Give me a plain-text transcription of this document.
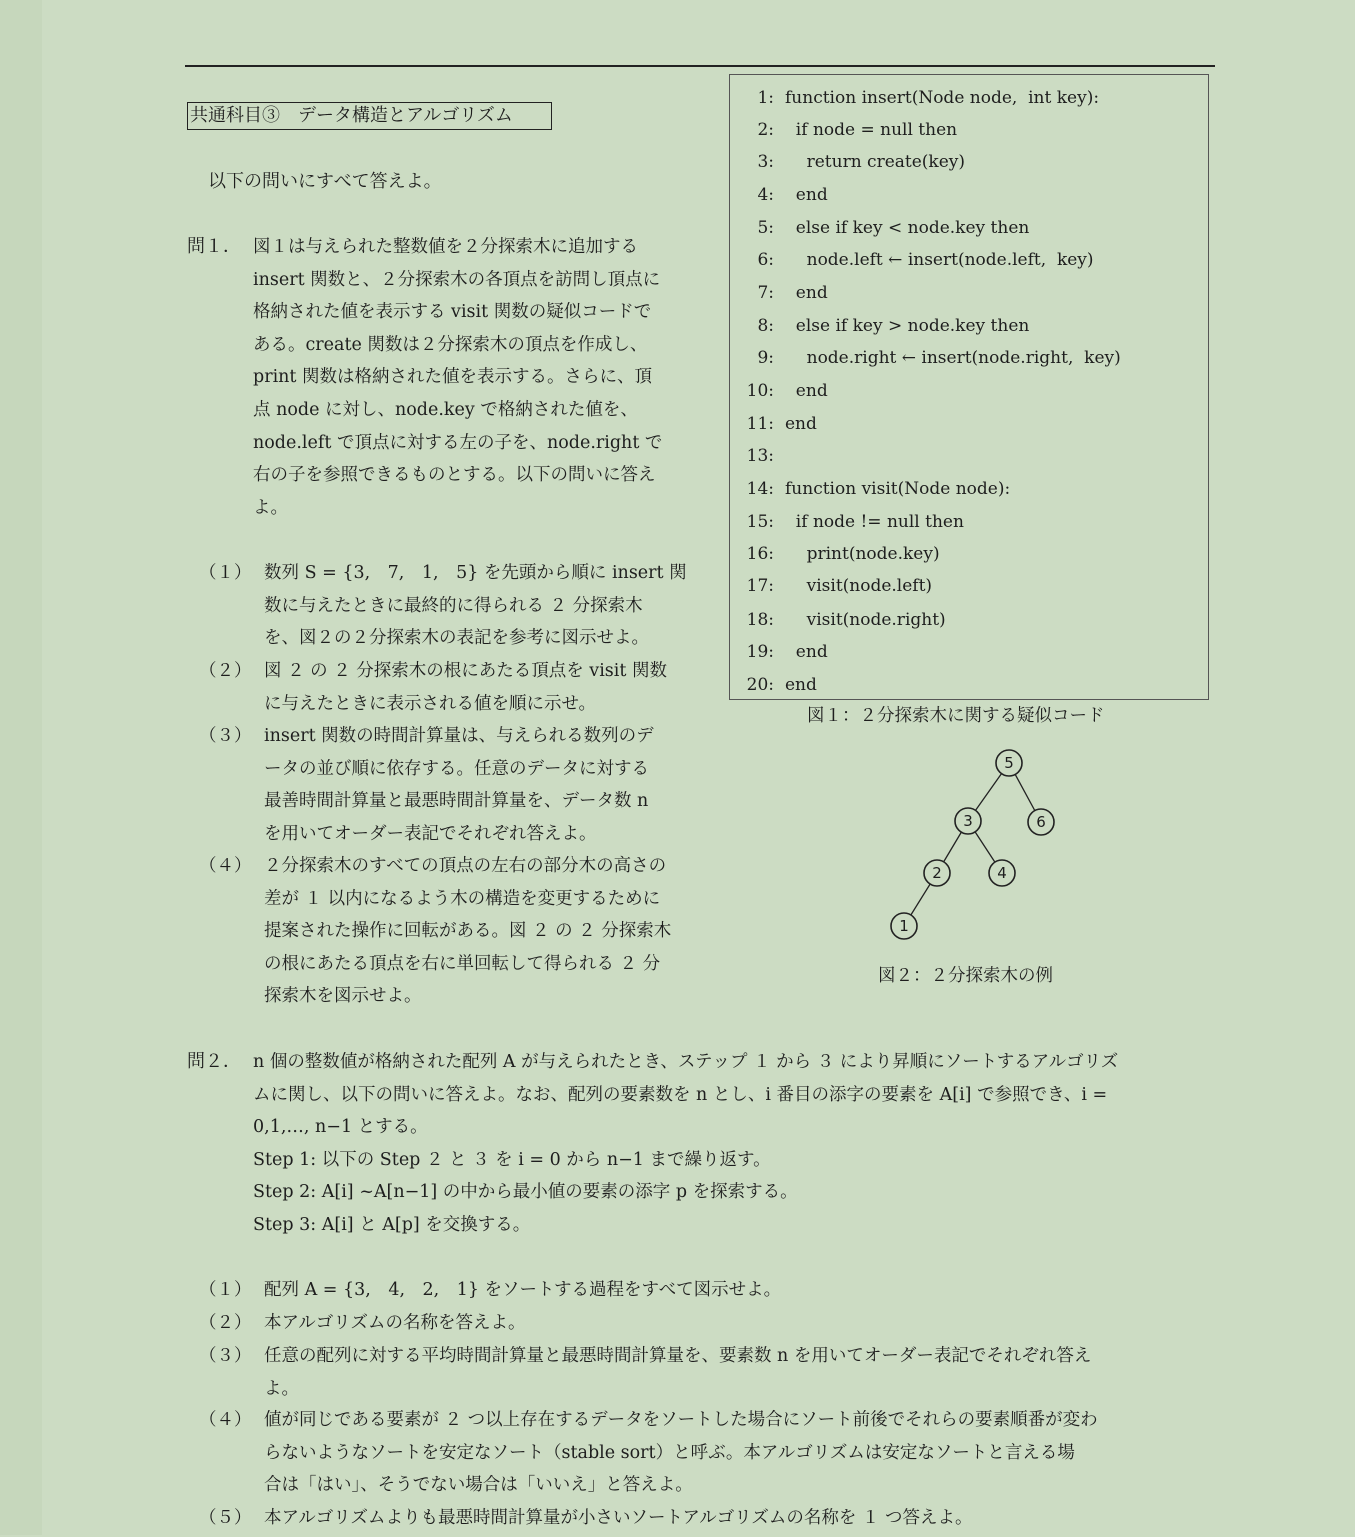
共通科目③　データ構造とアルゴリズム
以下の問いにすべて答えよ。
問１． 図１は与えられた整数値を２分探索木に追加する
insert 関数と、２分探索木の各頂点を訪問し頂点に
格納された値を表示する visit 関数の疑似コードで
ある。create 関数は２分探索木の頂点を作成し、
print 関数は格納された値を表示する。さらに、頂
点 node に対し、node.key で格納された値を、
node.left で頂点に対する左の子を、node.right で
右の子を参照できるものとする。以下の問いに答え
よ。
（１） 数列 S = {3,　7,　1,　5} を先頭から順に insert 関
数に与えたときに最終的に得られる ２ 分探索木
を、図２の２分探索木の表記を参考に図示せよ。
（２） 図 ２ の ２ 分探索木の根にあたる頂点を visit 関数
に与えたときに表示される値を順に示せ。
（３） insert 関数の時間計算量は、与えられる数列のデ
ータの並び順に依存する。任意のデータに対する
最善時間計算量と最悪時間計算量を、データ数 n
を用いてオーダー表記でそれぞれ答えよ。
（４） ２分探索木のすべての頂点の左右の部分木の高さの
差が １ 以内になるよう木の構造を変更するために
提案された操作に回転がある。図 ２ の ２ 分探索木
の根にあたる頂点を右に単回転して得られる ２ 分
探索木を図示せよ。
1: function insert(Node node,  int key):
2: if node = null then
3: return create(key)
4: end
5: else if key < node.key then
6: node.left ← insert(node.left,  key)
7: end
8: else if key > node.key then
9: node.right ← insert(node.right,  key)
10: end
11: end
13:
14: function visit(Node node):
15: if node != null then
16: print(node.key)
17: visit(node.left)
18: visit(node.right)
19: end
20: end
図１：２分探索木に関する疑似コード
5
3	6
2	4
1
図２：２分探索木の例
問２． n 個の整数値が格納された配列 A が与えられたとき、ステップ １ から ３ により昇順にソートするアルゴリズ
ムに関し、以下の問いに答えよ。なお、配列の要素数を n とし、i 番目の添字の要素を A[i] で参照でき、i =
0,1,…, n−1 とする。
Step 1: 以下の Step ２ と ３ を i = 0 から n−1 まで繰り返す。
Step 2: A[i] ~A[n−1] の中から最小値の要素の添字 p を探索する。
Step 3: A[i] と A[p] を交換する。
（１） 配列 A = {3,　4,　2,　1} をソートする過程をすべて図示せよ。
（２） 本アルゴリズムの名称を答えよ。
（３） 任意の配列に対する平均時間計算量と最悪時間計算量を、要素数 n を用いてオーダー表記でそれぞれ答え
よ。
（４） 値が同じである要素が ２ つ以上存在するデータをソートした場合にソート前後でそれらの要素順番が変わ
らないようなソートを安定なソート（stable sort）と呼ぶ。本アルゴリズムは安定なソートと言える場
合は「はい」、そうでない場合は「いいえ」と答えよ。
（５） 本アルゴリズムよりも最悪時間計算量が小さいソートアルゴリズムの名称を １ つ答えよ。
